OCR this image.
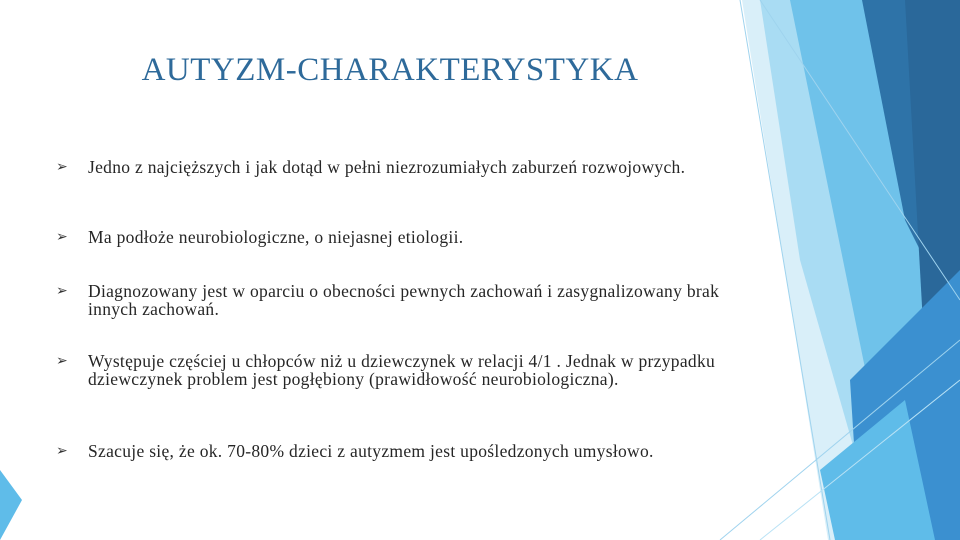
AUTYZM-CHARAKTERYSTYKA
➢	Jedno z najcięższych i jak dotąd w pełni niezrozumiałych zaburzeń rozwojowych.
➢	Ma podłoże neurobiologiczne, o niejasnej etiologii.
➢	Diagnozowany jest w oparciu o obecności pewnych zachowań i zasygnalizowany brak innych zachowań.
➢	Występuje częściej u chłopców niż u dziewczynek w relacji 4/1 . Jednak w przypadku dziewczynek problem jest pogłębiony (prawidłowość neurobiologiczna).
➢	Szacuje się, że ok. 70-80% dzieci z autyzmem jest upośledzonych umysłowo.
